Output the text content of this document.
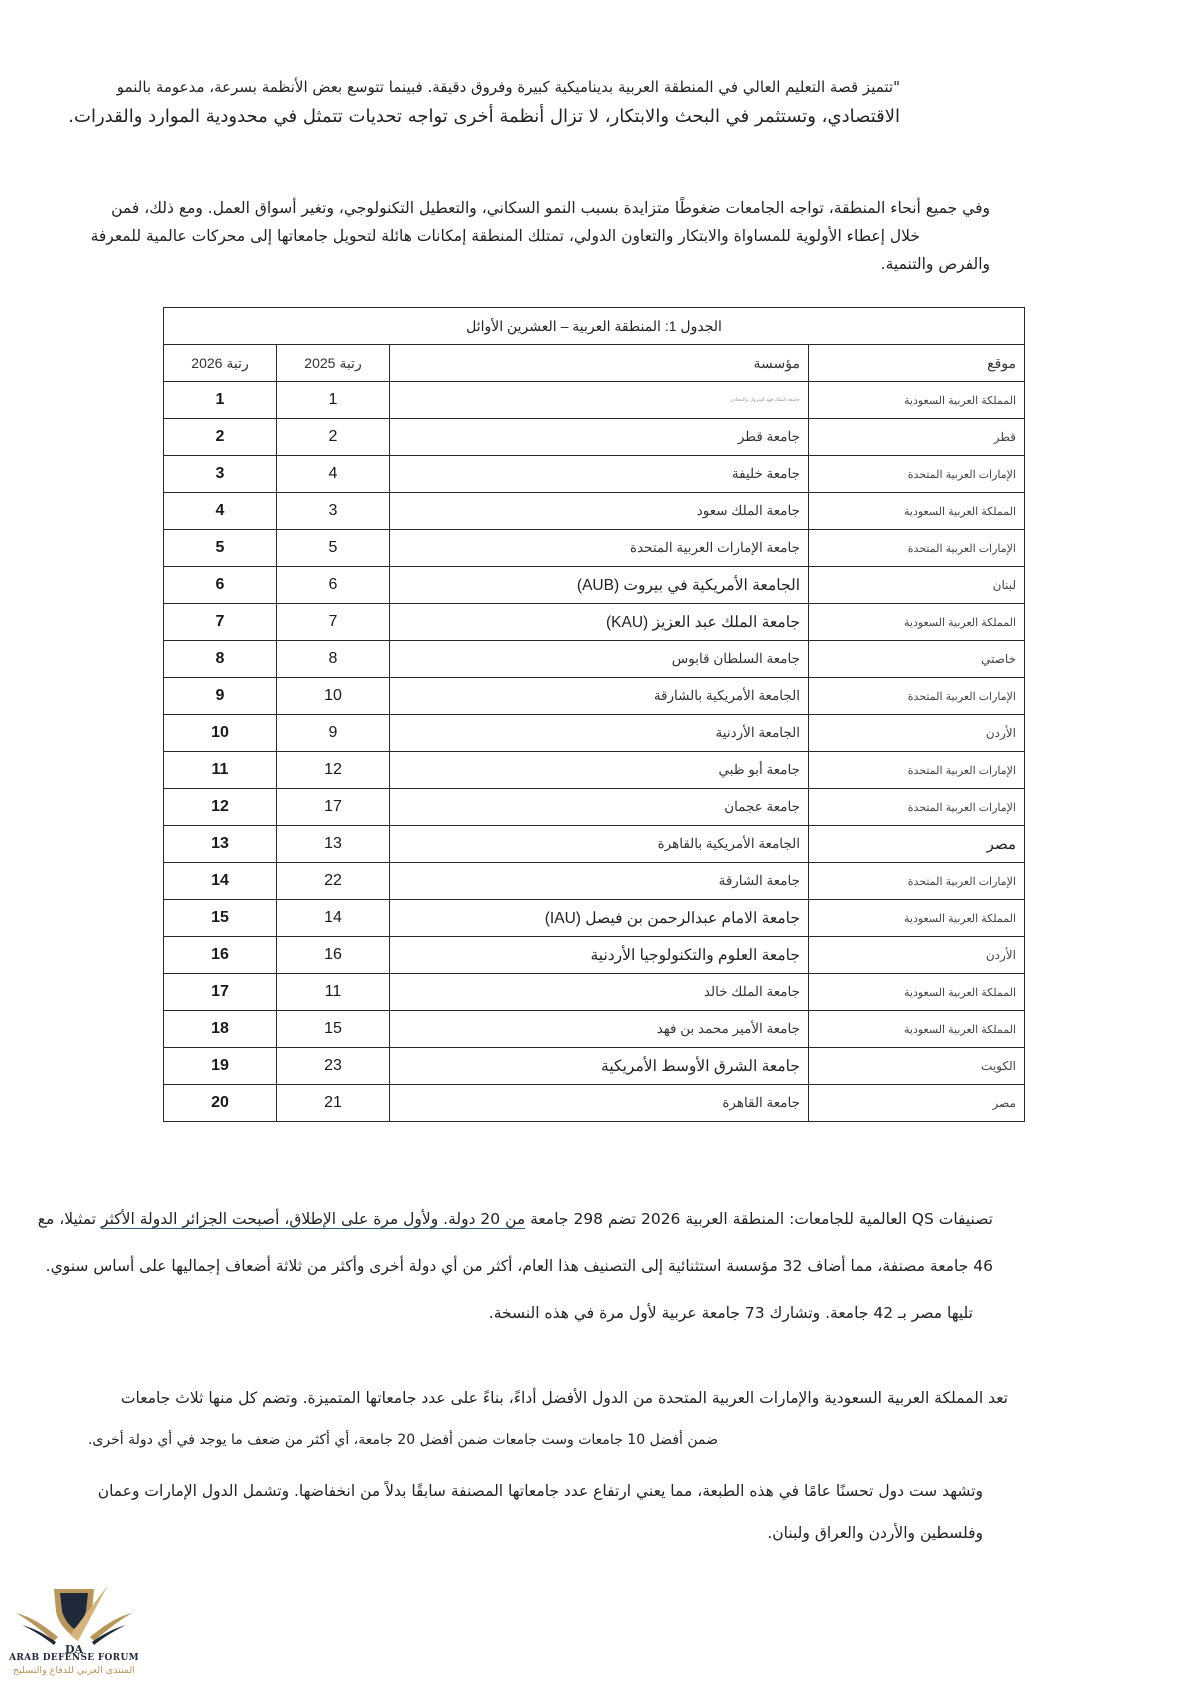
"تتميز قصة التعليم العالي في المنطقة العربية بديناميكية كبيرة وفروق دقيقة. فبينما تتوسع بعض الأنظمة بسرعة، مدعومة بالنمو
الاقتصادي، وتستثمر في البحث والابتكار، لا تزال أنظمة أخرى تواجه تحديات تتمثل في محدودية الموارد والقدرات.
وفي جميع أنحاء المنطقة، تواجه الجامعات ضغوطًا متزايدة بسبب النمو السكاني، والتعطيل التكنولوجي، وتغير أسواق العمل. ومع ذلك، فمن
خلال إعطاء الأولوية للمساواة والابتكار والتعاون الدولي، تمتلك المنطقة إمكانات هائلة لتحويل جامعاتها إلى محركات عالمية للمعرفة
والفرص والتنمية.
الجدول 1: المنطقة العربية – العشرين الأوائل			
رتبة 2026	رتبة 2025	مؤسسة	موقع
1	1	جامعة الملك فهد للبترول والمعادن	المملكة العربية السعودية
2	2	جامعة قطر	قطر
3	4	جامعة خليفة	الإمارات العربية المتحدة
4	3	جامعة الملك سعود	المملكة العربية السعودية
5	5	جامعة الإمارات العربية المتحدة	الإمارات العربية المتحدة
6	6	الجامعة الأمريكية في بيروت (AUB)	لبنان
7	7	جامعة الملك عبد العزيز (KAU)	المملكة العربية السعودية
8	8	جامعة السلطان قابوس	خاصتي
9	10	الجامعة الأمريكية بالشارقة	الإمارات العربية المتحدة
10	9	الجامعة الأردنية	الأردن
11	12	جامعة أبو ظبي	الإمارات العربية المتحدة
12	17	جامعة عجمان	الإمارات العربية المتحدة
13	13	الجامعة الأمريكية بالقاهرة	مصر
14	22	جامعة الشارقة	الإمارات العربية المتحدة
15	14	جامعة الامام عبدالرحمن بن فيصل (IAU)	المملكة العربية السعودية
16	16	جامعة العلوم والتكنولوجيا الأردنية	الأردن
17	11	جامعة الملك خالد	المملكة العربية السعودية
18	15	جامعة الأمير محمد بن فهد	المملكة العربية السعودية
19	23	جامعة الشرق الأوسط الأمريكية	الكويت
20	21	جامعة القاهرة	مصر
تصنيفات QS العالمية للجامعات: المنطقة العربية 2026 تضم 298 جامعة من 20 دولة. ولأول مرة على الإطلاق، أصبحت الجزائر الدولة الأكثر تمثيلا، مع
46 جامعة مصنفة، مما أضاف 32 مؤسسة استثنائية إلى التصنيف هذا العام، أكثر من أي دولة أخرى وأكثر من ثلاثة أضعاف إجماليها على أساس سنوي.
تليها مصر بـ 42 جامعة. وتشارك 73 جامعة عربية لأول مرة في هذه النسخة.
تعد المملكة العربية السعودية والإمارات العربية المتحدة من الدول الأفضل أداءً، بناءً على عدد جامعاتها المتميزة. وتضم كل منها ثلاث جامعات
ضمن أفضل 10 جامعات وست جامعات ضمن أفضل 20 جامعة، أي أكثر من ضعف ما يوجد في أي دولة أخرى.
وتشهد ست دول تحسنًا عامًا في هذه الطبعة، مما يعني ارتفاع عدد جامعاتها المصنفة سابقًا بدلاً من انخفاضها. وتشمل الدول الإمارات وعمان
وفلسطين والأردن والعراق ولبنان.
DA
ARAB DEFENSE FORUM
المنتدى العربي للدفاع والتسليح
